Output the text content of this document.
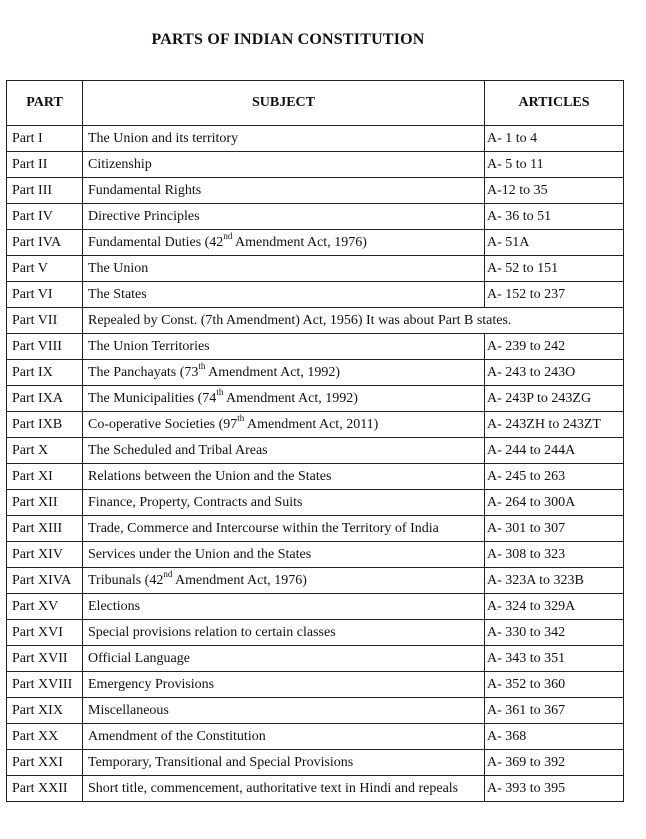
PARTS OF INDIAN CONSTITUTION
PART	SUBJECT	ARTICLES
Part I	The Union and its territory	A- 1 to 4
Part II	Citizenship	A- 5 to 11
Part III	Fundamental Rights	A-12 to 35
Part IV	Directive Principles	A- 36 to 51
Part IVA	Fundamental Duties (42nd Amendment Act, 1976)	A- 51A
Part V	The Union	A- 52 to 151
Part VI	The States	A- 152 to 237
Part VII	Repealed by Const. (7th Amendment) Act, 1956) It was about Part B states.	
Part VIII	The Union Territories	A- 239 to 242
Part IX	The Panchayats (73th Amendment Act, 1992)	A- 243 to 243O
Part IXA	The Municipalities (74th Amendment Act, 1992)	A- 243P to 243ZG
Part IXB	Co-operative Societies (97th Amendment Act, 2011)	A- 243ZH to 243ZT
Part X	The Scheduled and Tribal Areas	A- 244 to 244A
Part XI	Relations between the Union and the States	A- 245 to 263
Part XII	Finance, Property, Contracts and Suits	A- 264 to 300A
Part XIII	Trade, Commerce and Intercourse within the Territory of India	A- 301 to 307
Part XIV	Services under the Union and the States	A- 308 to 323
Part XIVA	Tribunals (42nd Amendment Act, 1976)	A- 323A to 323B
Part XV	Elections	A- 324 to 329A
Part XVI	Special provisions relation to certain classes	A- 330 to 342
Part XVII	Official Language	A- 343 to 351
Part XVIII	Emergency Provisions	A- 352 to 360
Part XIX	Miscellaneous	A- 361 to 367
Part XX	Amendment of the Constitution	A- 368
Part XXI	Temporary, Transitional and Special Provisions	A- 369 to 392
Part XXII	Short title, commencement, authoritative text in Hindi and repeals	A- 393 to 395
